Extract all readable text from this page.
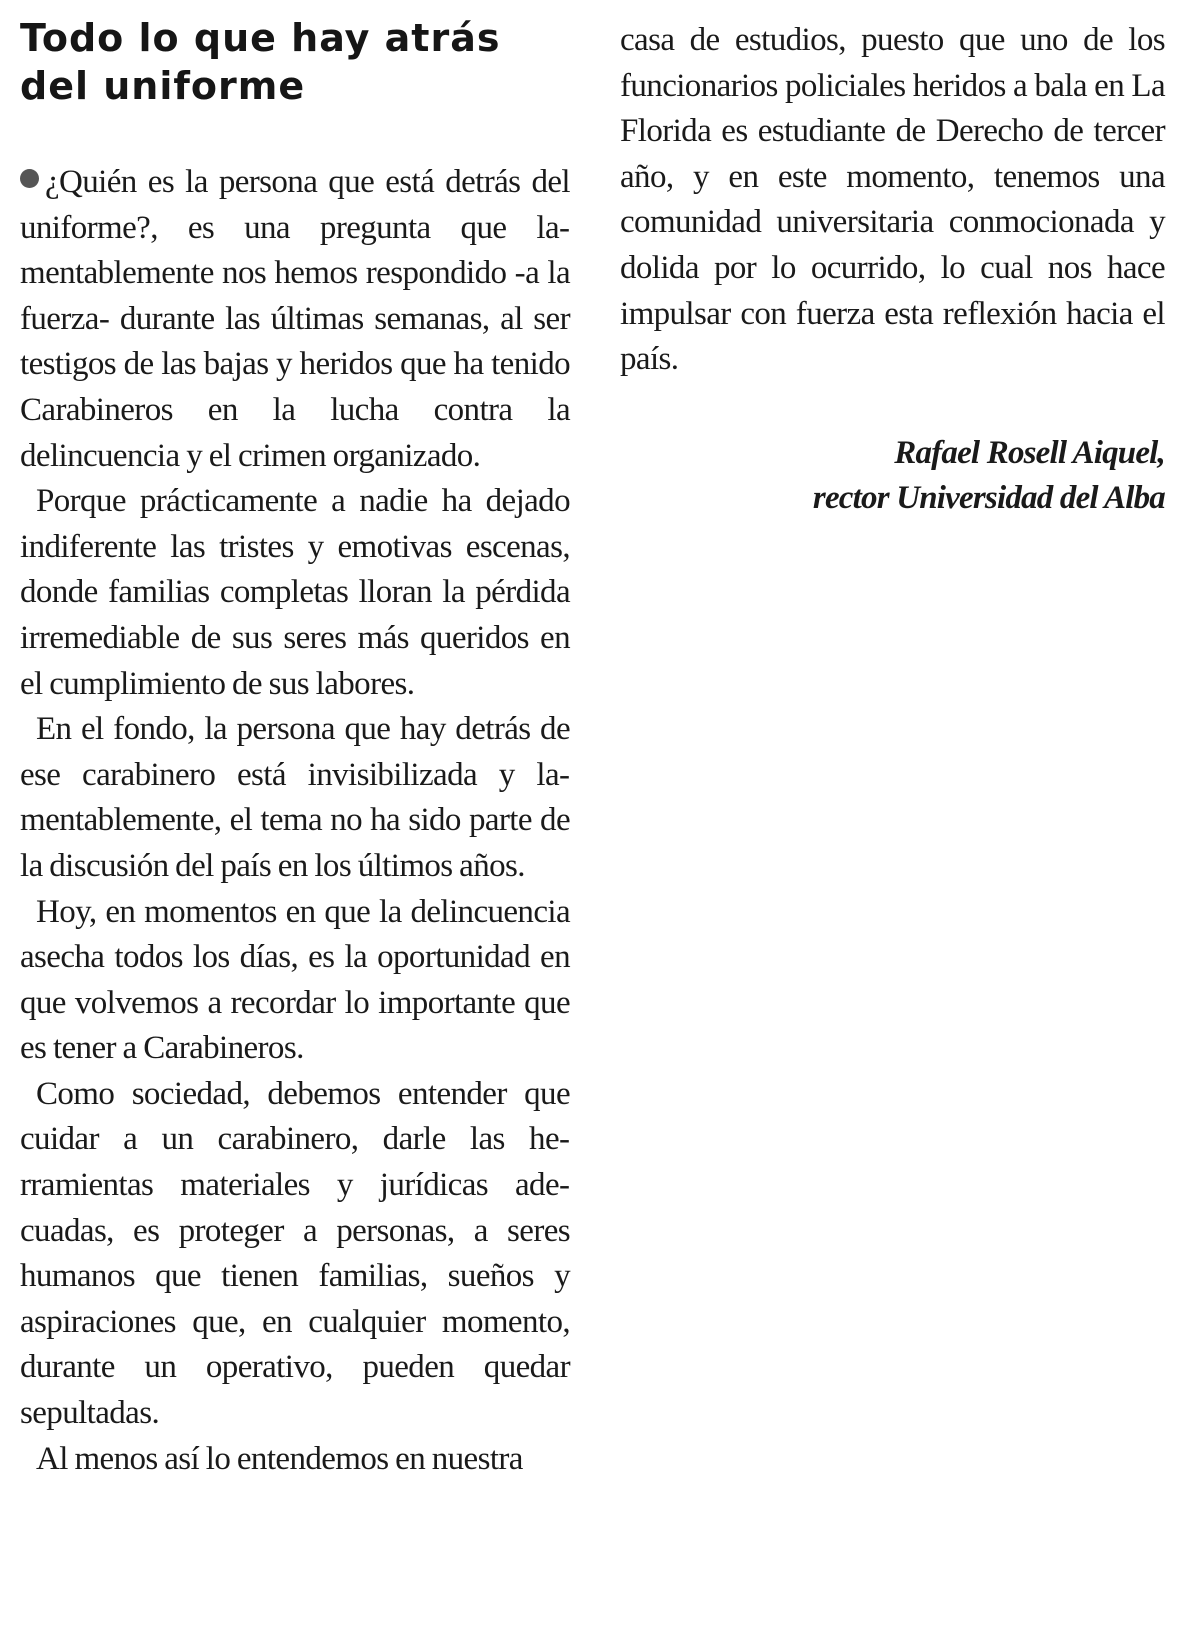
Todo lo que hay atrás del uniforme

¿Quién es la persona que está detrás del uniforme?, es una pregunta que lamentablemente nos hemos respondido -a la fuerza- durante las últimas semanas, al ser testigos de las bajas y heridos que ha tenido Carabineros en la lucha contra la delincuencia y el crimen organizado.

Porque prácticamente a nadie ha dejado indiferente las tristes y emotivas escenas, donde familias completas lloran la pérdida irremediable de sus seres más queridos en el cumplimiento de sus labores.

En el fondo, la persona que hay detrás de ese carabinero está invisibilizada y lamentablemente, el tema no ha sido parte de la discusión del país en los últimos años.

Hoy, en momentos en que la delincuencia asecha todos los días, es la oportunidad en que volvemos a recordar lo importante que es tener a Carabineros.

Como sociedad, debemos entender que cuidar a un carabinero, darle las herramientas materiales y jurídicas adecuadas, es proteger a personas, a seres humanos que tienen familias, sueños y aspiraciones que, en cualquier momento, durante un operativo, pueden quedar sepultadas.

Al menos así lo entendemos en nuestra

casa de estudios, puesto que uno de los funcionarios policiales heridos a bala en La Florida es estudiante de Derecho de tercer año, y en este momento, tenemos una comunidad universitaria conmocionada y dolida por lo ocurrido, lo cual nos hace impulsar con fuerza esta reflexión hacia el país.

Rafael Rosell Aiquel,
rector Universidad del Alba
